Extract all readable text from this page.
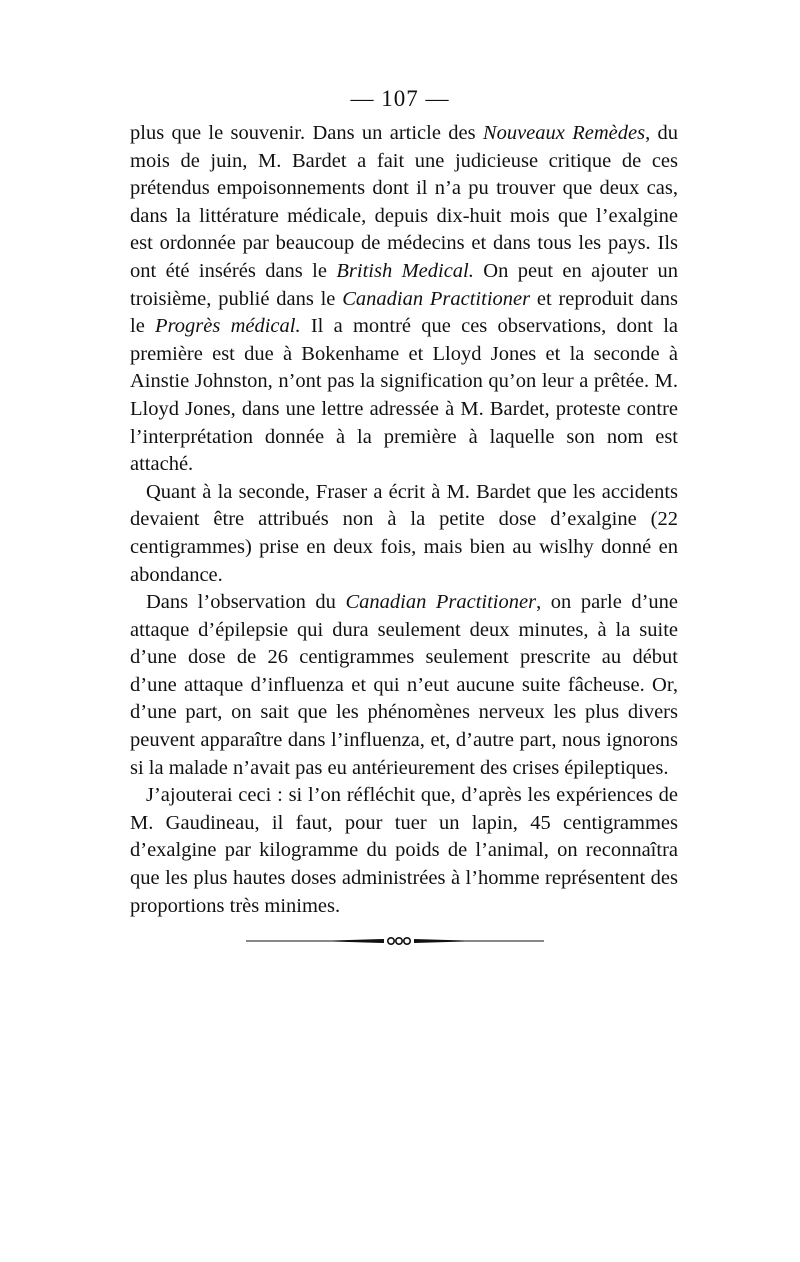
— 107 —

plus que le souvenir. Dans un article des Nouveaux Remèdes, du mois de juin, M. Bardet a fait une judicieuse critique de ces prétendus empoisonnements dont il n’a pu trouver que deux cas, dans la littérature médicale, depuis dix-huit mois que l’exalgine est ordonnée par beaucoup de médecins et dans tous les pays. Ils ont été insérés dans le British Medical. On peut en ajouter un troisième, publié dans le Canadian Practitioner et reproduit dans le Progrès médical. Il a montré que ces observations, dont la première est due à Bokenhame et Lloyd Jones et la seconde à Ainstie Johnston, n’ont pas la signification qu’on leur a prêtée. M. Lloyd Jones, dans une lettre adressée à M. Bardet, proteste contre l’interprétation donnée à la première à laquelle son nom est attaché.

Quant à la seconde, Fraser a écrit à M. Bardet que les accidents devaient être attribués non à la petite dose d’exalgine (22 centigrammes) prise en deux fois, mais bien au wislhy donné en abondance.

Dans l’observation du Canadian Practitioner, on parle d’une attaque d’épilepsie qui dura seulement deux minutes, à la suite d’une dose de 26 centigrammes seulement prescrite au début d’une attaque d’influenza et qui n’eut aucune suite fâcheuse. Or, d’une part, on sait que les phénomènes nerveux les plus divers peuvent apparaître dans l’influenza, et, d’autre part, nous ignorons si la malade n’avait pas eu antérieurement des crises épileptiques.

J’ajouterai ceci : si l’on réfléchit que, d’après les expériences de M. Gaudineau, il faut, pour tuer un lapin, 45 centigrammes d’exalgine par kilogramme du poids de l’animal, on reconnaîtra que les plus hautes doses administrées à l’homme représentent des proportions très minimes.
